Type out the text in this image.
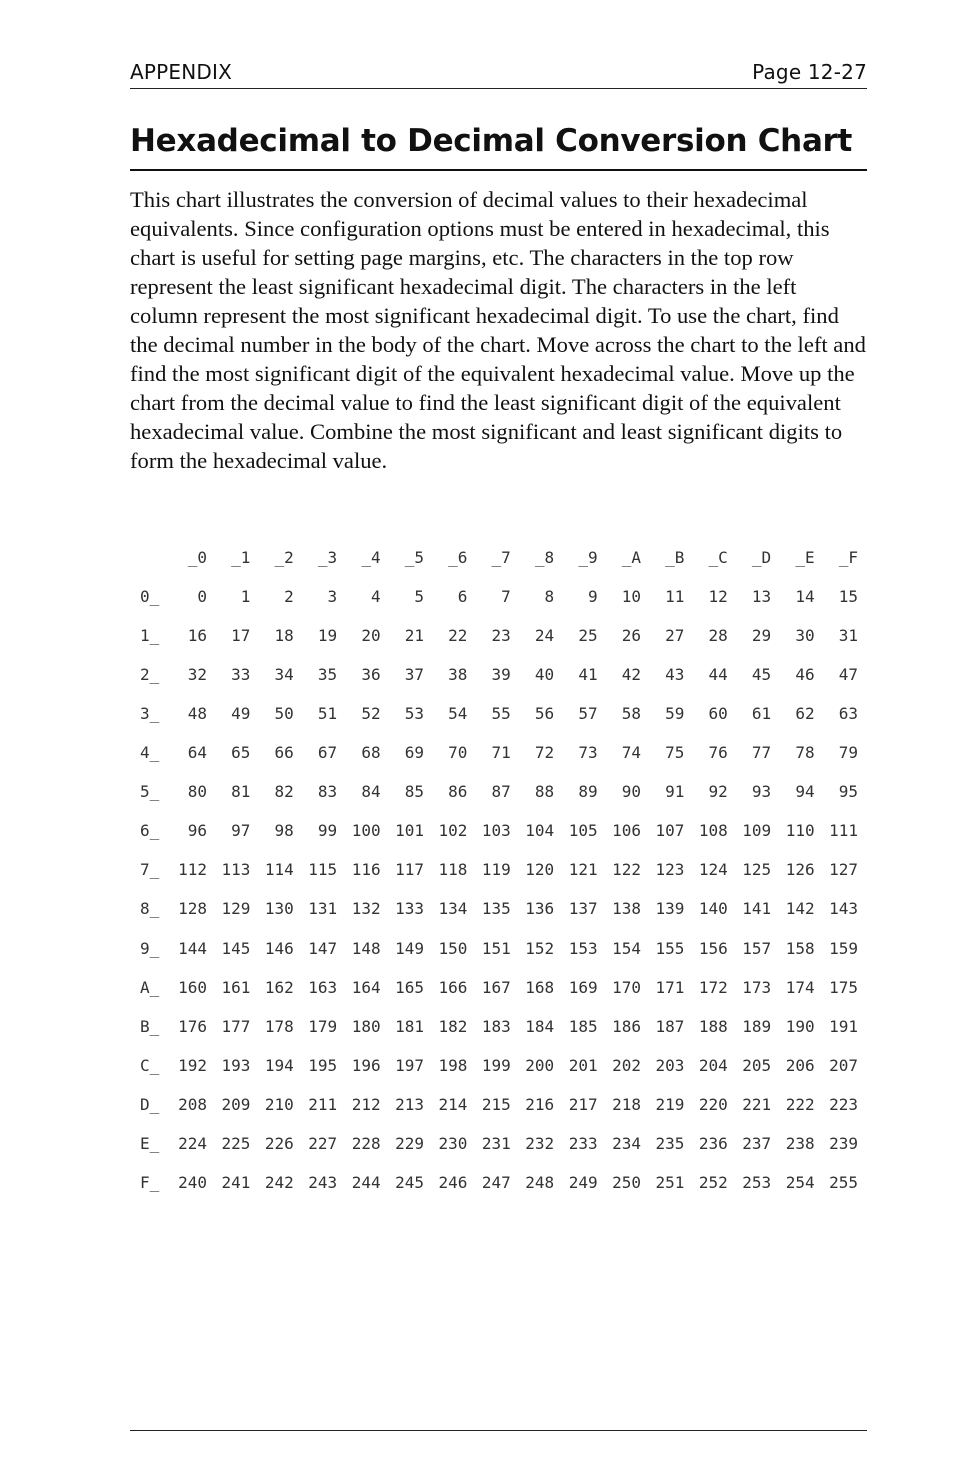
APPENDIX	Page 12-27
Hexadecimal to Decimal Conversion Chart

This chart illustrates the conversion of decimal values to their hexadecimal equivalents. Since configuration options must be entered in hexadecimal, this chart is useful for setting page margins, etc. The characters in the top row represent the least significant hexadecimal digit. The characters in the left column represent the most significant hexadecimal digit. To use the chart, find the decimal number in the body of the chart. Move across the chart to the left and find the most significant digit of the equivalent hexadecimal value. Move up the chart from the decimal value to find the least significant digit of the equivalent hexadecimal value. Combine the most significant and least significant digits to form the hexadecimal value.

_0	_1	_2	_3	_4	_5	_6	_7	_8	_9	_A	_B	_C	_D	_E	_F
0_	0	1	2	3	4	5	6	7	8	9	10	11	12	13	14	15
1_	16	17	18	19	20	21	22	23	24	25	26	27	28	29	30	31
2_	32	33	34	35	36	37	38	39	40	41	42	43	44	45	46	47
3_	48	49	50	51	52	53	54	55	56	57	58	59	60	61	62	63
4_	64	65	66	67	68	69	70	71	72	73	74	75	76	77	78	79
5_	80	81	82	83	84	85	86	87	88	89	90	91	92	93	94	95
6_	96	97	98	99 100 101 102 103 104 105 106 107 108 109 110 111
7_	112 113 114 115 116 117 118 119 120 121 122 123 124 125 126 127
8_	128 129 130 131 132 133 134 135 136 137 138 139 140 141 142 143
9_	144 145 146 147 148 149 150 151 152 153 154 155 156 157 158 159
A_	160 161 162 163 164 165 166 167 168 169 170 171 172 173 174 175
B_	176 177 178 179 180 181 182 183 184 185 186 187 188 189 190 191
C_	192 193 194 195 196 197 198 199 200 201 202 203 204 205 206 207
D_	208 209 210 211 212 213 214 215 216 217 218 219 220 221 222 223
E_	224 225 226 227 228 229 230 231 232 233 234 235 236 237 238 239
F_	240 241 242 243 244 245 246 247 248 249 250 251 252 253 254 255
